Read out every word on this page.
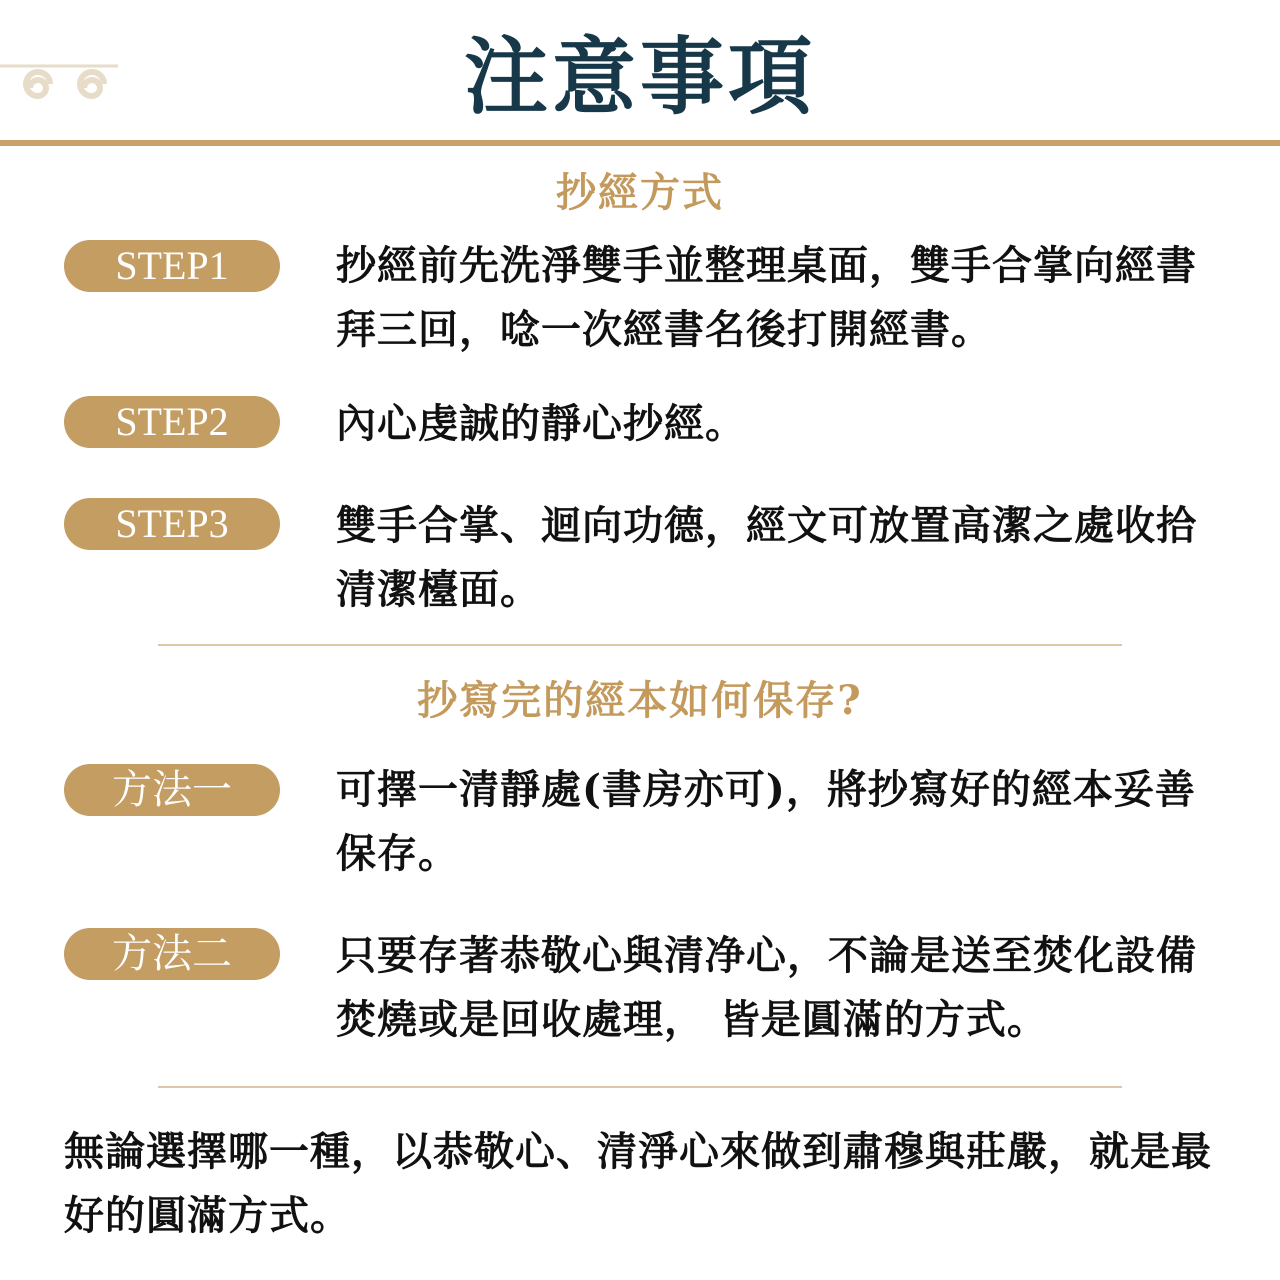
注意事項
抄經方式
STEP1	抄經前先洗淨雙手並整理桌面，雙手合掌向經書拜三回，唸一次經書名後打開經書。
STEP2	內心虔誠的靜心抄經。
STEP3	雙手合掌、迴向功德，經文可放置高潔之處收拾清潔檯面。
抄寫完的經本如何保存?
方法一	可擇一清靜處(書房亦可)，將抄寫好的經本妥善保存。
方法二	只要存著恭敬心與清净心，不論是送至焚化設備焚燒或是回收處理， 皆是圓滿的方式。
無論選擇哪一種，以恭敬心、清淨心來做到肅穆與莊嚴，就是最好的圓滿方式。
